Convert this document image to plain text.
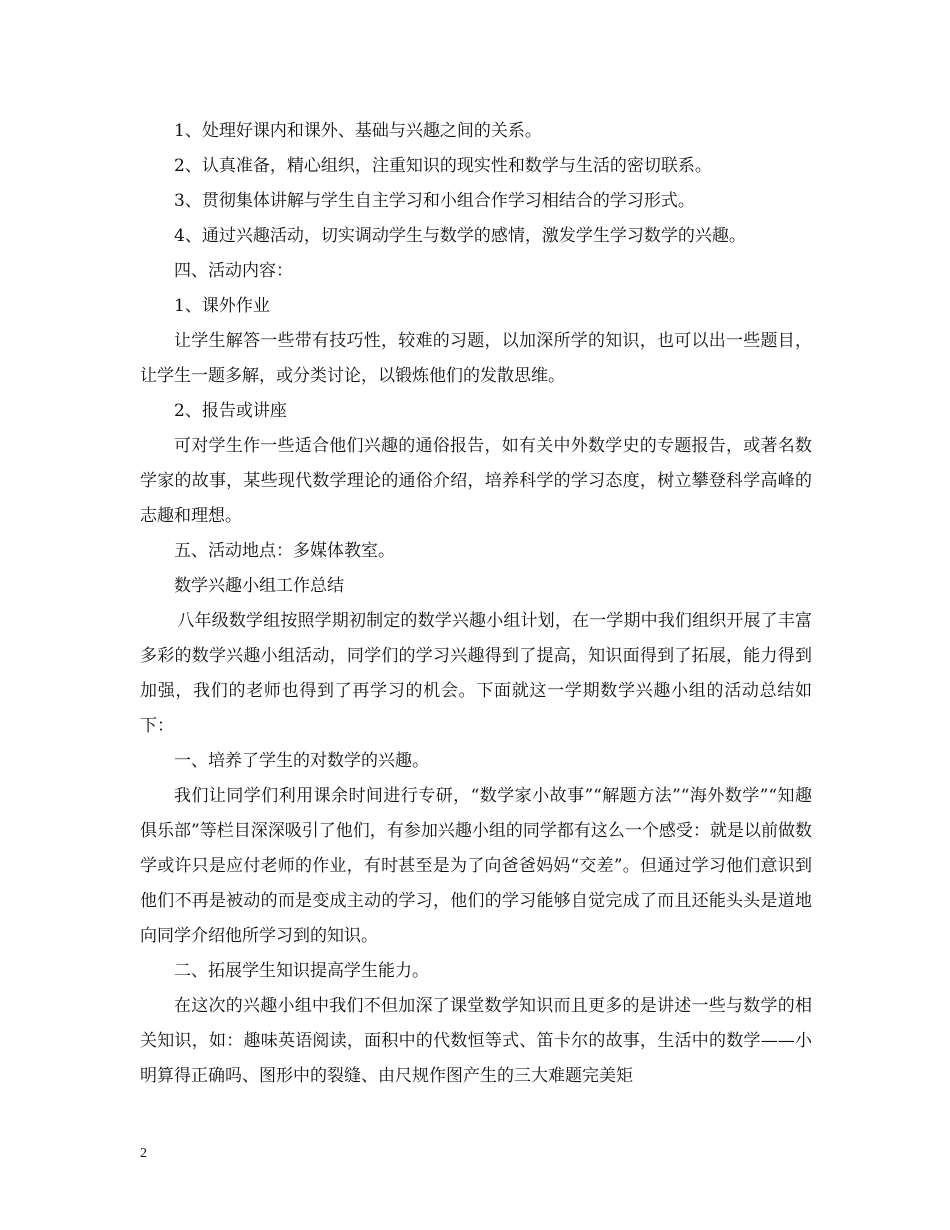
1、处理好课内和课外、基础与兴趣之间的关系。

2、认真准备，精心组织，注重知识的现实性和数学与生活的密切联系。

3、贯彻集体讲解与学生自主学习和小组合作学习相结合的学习形式。

4、通过兴趣活动，切实调动学生与数学的感情，激发学生学习数学的兴趣。

四、活动内容：

1、课外作业

让学生解答一些带有技巧性，较难的习题，以加深所学的知识，也可以出一些题目，让学生一题多解，或分类讨论，以锻炼他们的发散思维。

2、报告或讲座

可对学生作一些适合他们兴趣的通俗报告，如有关中外数学史的专题报告，或著名数学家的故事，某些现代数学理论的通俗介绍，培养科学的学习态度，树立攀登科学高峰的志趣和理想。

五、活动地点：多媒体教室。

数学兴趣小组工作总结

八年级数学组按照学期初制定的数学兴趣小组计划，在一学期中我们组织开展了丰富多彩的数学兴趣小组活动，同学们的学习兴趣得到了提高，知识面得到了拓展，能力得到加强，我们的老师也得到了再学习的机会。下面就这一学期数学兴趣小组的活动总结如下：

一、培养了学生的对数学的兴趣。

我们让同学们利用课余时间进行专研，“数学家小故事”“解题方法”“海外数学”“知趣俱乐部”等栏目深深吸引了他们，有参加兴趣小组的同学都有这么一个感受：就是以前做数学或许只是应付老师的作业，有时甚至是为了向爸爸妈妈“交差”。但通过学习他们意识到他们不再是被动的而是变成主动的学习，他们的学习能够自觉完成了而且还能头头是道地向同学介绍他所学习到的知识。

二、拓展学生知识提高学生能力。

在这次的兴趣小组中我们不但加深了课堂数学知识而且更多的是讲述一些与数学的相关知识，如：趣味英语阅读，面积中的代数恒等式、笛卡尔的故事，生活中的数学——小明算得正确吗、图形中的裂缝、由尺规作图产生的三大难题完美矩

2
